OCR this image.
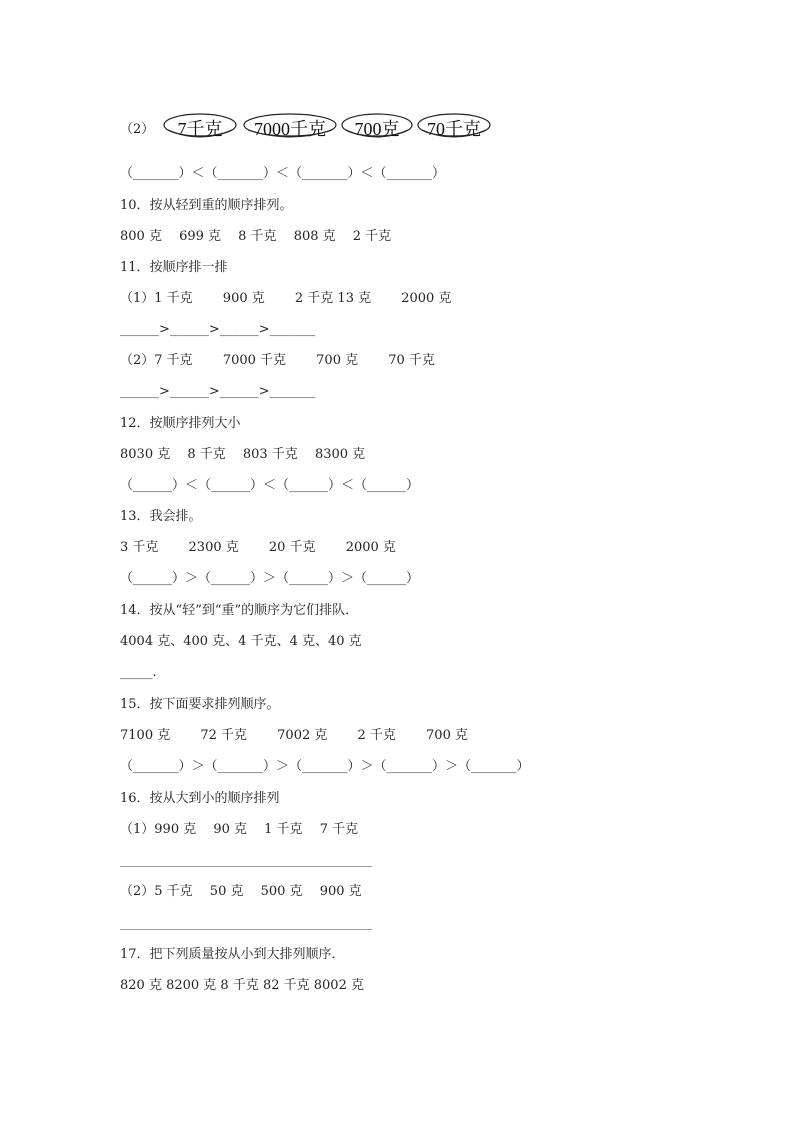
（2）	7千克	7000千克	700克	70千克
（_______）＜（_______）＜（_______）＜（_______）
10．按从轻到重的顺序排列。
800 克　 699 克　 8 千克　 808 克　 2 千克
11．按顺序排一排
（1）1 千克　　 900 克　　 2 千克 13 克　　 2000 克
______>______>______>_______
（2）7 千克　　 7000 千克　　 700 克　　 70 千克
______>______>______>_______
12．按顺序排列大小
8030 克　 8 千克　 803 千克　 8300 克
（______）＜（______）＜（______）＜（______）
13．我会排。
3 千克　　 2300 克　　 20 千克　　 2000 克
（______）＞（______）＞（______）＞（______）
14．按从“轻”到“重”的顺序为它们排队．
4004 克、400 克、4 千克、4 克、40 克
_____.
15．按下面要求排列顺序。
7100 克　　 72 千克　　 7002 克　　 2 千克　　 700 克
（_______）＞（_______）＞（_______）＞（_______）＞（_______）
16．按从大到小的顺序排列
（1）990 克　 90 克　 1 千克　 7 千克
（2）5 千克　 50 克　 500 克　 900 克
17．把下列质量按从小到大排列顺序．
820 克 8200 克 8 千克 82 千克 8002 克
